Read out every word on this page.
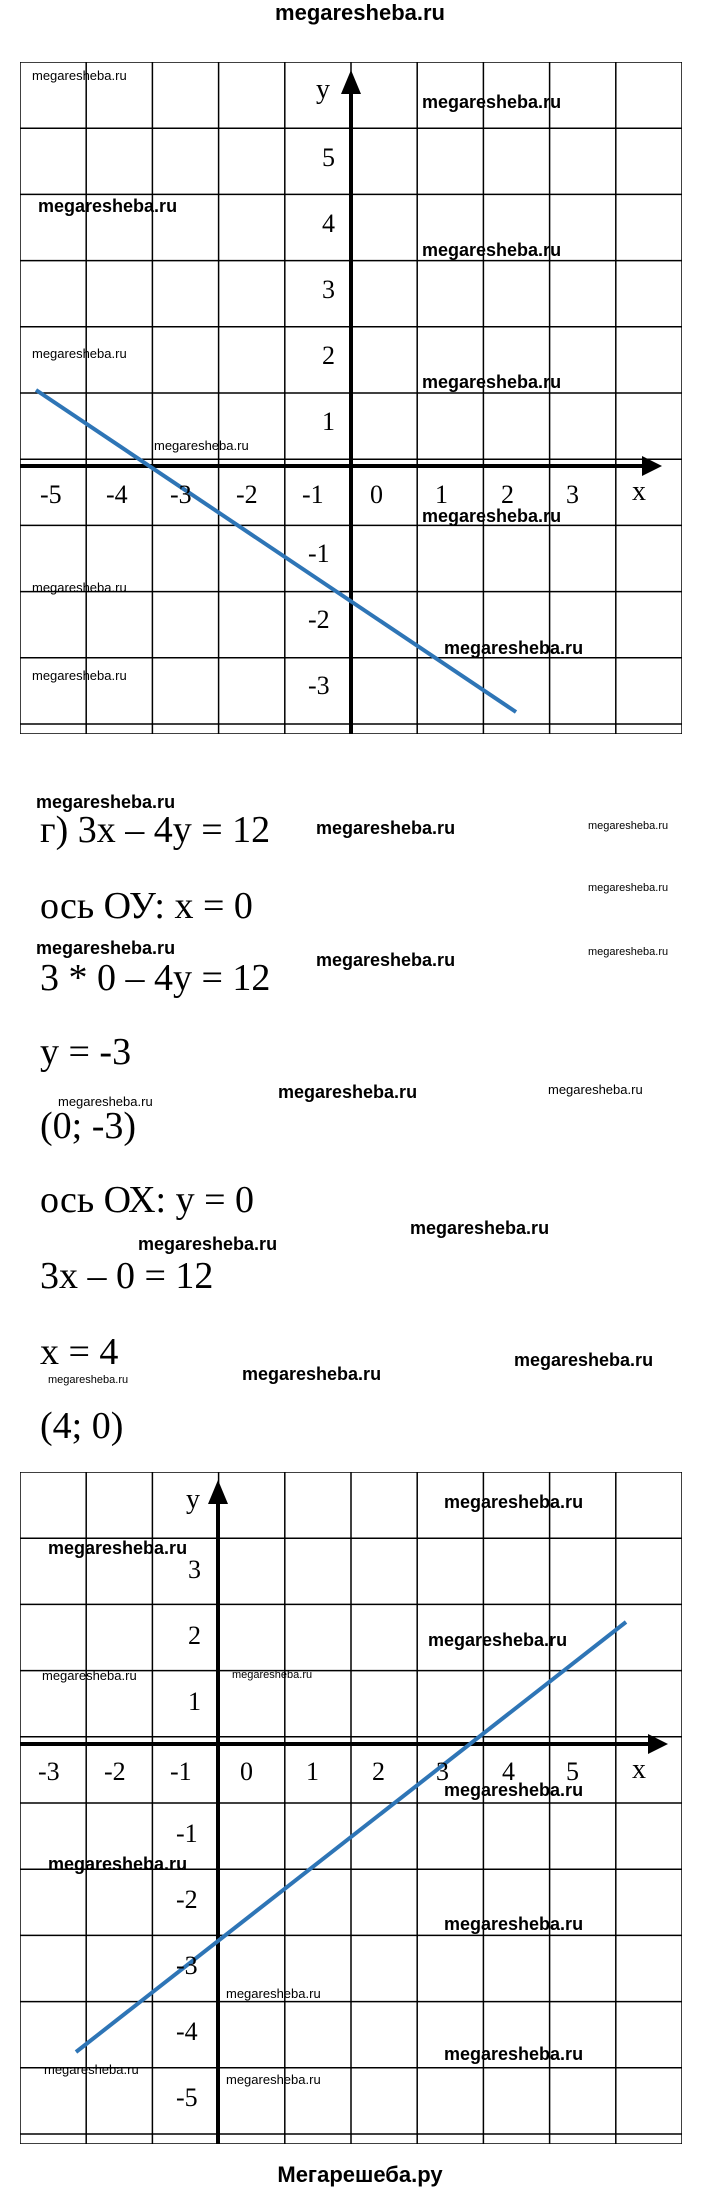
megaresheba.ru
y
x
-5 -4 -3 -2 -1 0 1 2 3
1
2
3
4
5
-1
-2
-3
megaresheba.ru
megaresheba.ru
megaresheba.ru
megaresheba.ru
megaresheba.ru
megaresheba.ru
megaresheba.ru
megaresheba.ru
megaresheba.ru
megaresheba.ru
megaresheba.ru
megaresheba.ru
г) 3х – 4у = 12	megaresheba.ru	megaresheba.ru
megaresheba.ru
ось ОУ: х = 0
megaresheba.ru
3 * 0 – 4у = 12	megaresheba.ru	megaresheba.ru
у = -3
megaresheba.ru	megaresheba.ru
megaresheba.ru
(0; -3)
ось ОХ: у = 0
megaresheba.ru
megaresheba.ru
3х – 0 = 12
х = 4	megaresheba.ru
megaresheba.ru
megaresheba.ru
(4; 0)
y
x
-3 -2 -1 0 1 2 3 4 5
1
2
3
-1
-2
-3
-4
-5
megaresheba.ru
megaresheba.ru
megaresheba.ru
megaresheba.ru	megaresheba.ru
megaresheba.ru
megaresheba.ru
megaresheba.ru
megaresheba.ru
megaresheba.ru
megaresheba.ru
megaresheba.ru
Мегарешеба.ру
